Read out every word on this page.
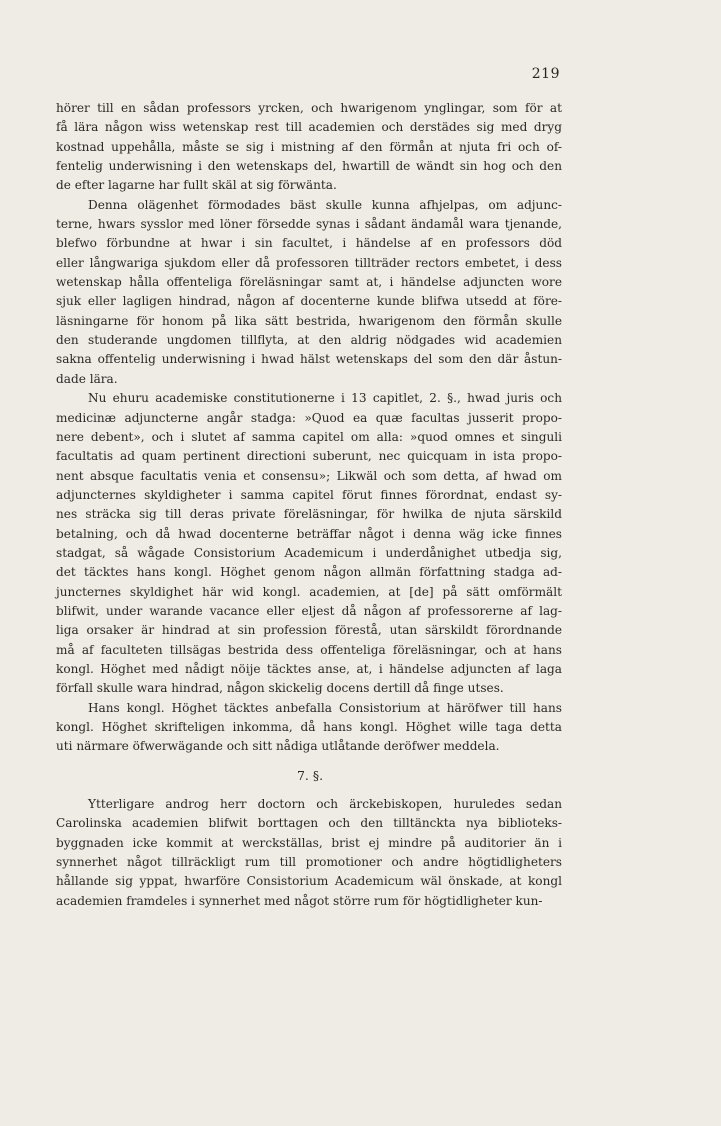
219
hörer till en sådan professors yrcken, och hwarigenom ynglingar, som för at
få lära någon wiss wetenskap rest till academien och derstädes sig med dryg
kostnad uppehålla, måste se sig i mistning af den förmån at njuta fri och of-
fentelig underwisning i den wetenskaps del, hwartill de wändt sin hog och den
de efter lagarne har fullt skäl at sig förwänta.
Denna olägenhet förmodades bäst skulle kunna afhjelpas, om adjunc-
terne, hwars sysslor med löner försedde synas i sådant ändamål wara tjenande,
blefwo förbundne at hwar i sin facultet, i händelse af en professors död
eller långwariga sjukdom eller då professoren tillträder rectors embetet, i dess
wetenskap hålla offenteliga föreläsningar samt at, i händelse adjuncten wore
sjuk eller lagligen hindrad, någon af docenterne kunde blifwa utsedd at före-
läsningarne för honom på lika sätt bestrida, hwarigenom den förmån skulle
den studerande ungdomen tillflyta, at den aldrig nödgades wid academien
sakna offentelig underwisning i hwad hälst wetenskaps del som den där åstun-
dade lära.
Nu ehuru academiske constitutionerne i 13 capitlet, 2. §., hwad juris och
medicinæ adjuncterne angår stadga: »Quod ea quæ facultas jusserit propo-
nere debent», och i slutet af samma capitel om alla: »quod omnes et singuli
facultatis ad quam pertinent directioni suberunt, nec quicquam in ista propo-
nent absque facultatis venia et consensu»; Likwäl och som detta, af hwad om
adjuncternes skyldigheter i samma capitel förut finnes förordnat, endast sy-
nes sträcka sig till deras private föreläsningar, för hwilka de njuta särskild
betalning, och då hwad docenterne beträffar något i denna wäg icke finnes
stadgat, så wågade Consistorium Academicum i underdånighet utbedja sig,
det täcktes hans kongl. Höghet genom någon allmän författning stadga ad-
juncternes skyldighet här wid kongl. academien, at [de] på sätt omförmält
blifwit, under warande vacance eller eljest då någon af professorerne af lag-
liga orsaker är hindrad at sin profession förestå, utan särskildt förordnande
må af faculteten tillsägas bestrida dess offenteliga föreläsningar, och at hans
kongl. Höghet med nådigt nöije täcktes anse, at, i händelse adjuncten af laga
förfall skulle wara hindrad, någon skickelig docens dertill då finge utses.
Hans kongl. Höghet täcktes anbefalla Consistorium at häröfwer till hans
kongl. Höghet skrifteligen inkomma, då hans kongl. Höghet wille taga detta
uti närmare öfwerwägande och sitt nådiga utlåtande deröfwer meddela.
7. §.
Ytterligare androg herr doctorn och ärckebiskopen, huruledes sedan
Carolinska academien blifwit borttagen och den tilltänckta nya biblioteks-
byggnaden icke kommit at werckställas, brist ej mindre på auditorier än i
synnerhet något tillräckligt rum till promotioner och andre högtidligheters
hållande sig yppat, hwarföre Consistorium Academicum wäl önskade, at kongl
academien framdeles i synnerhet med något större rum för högtidligheter kun-
